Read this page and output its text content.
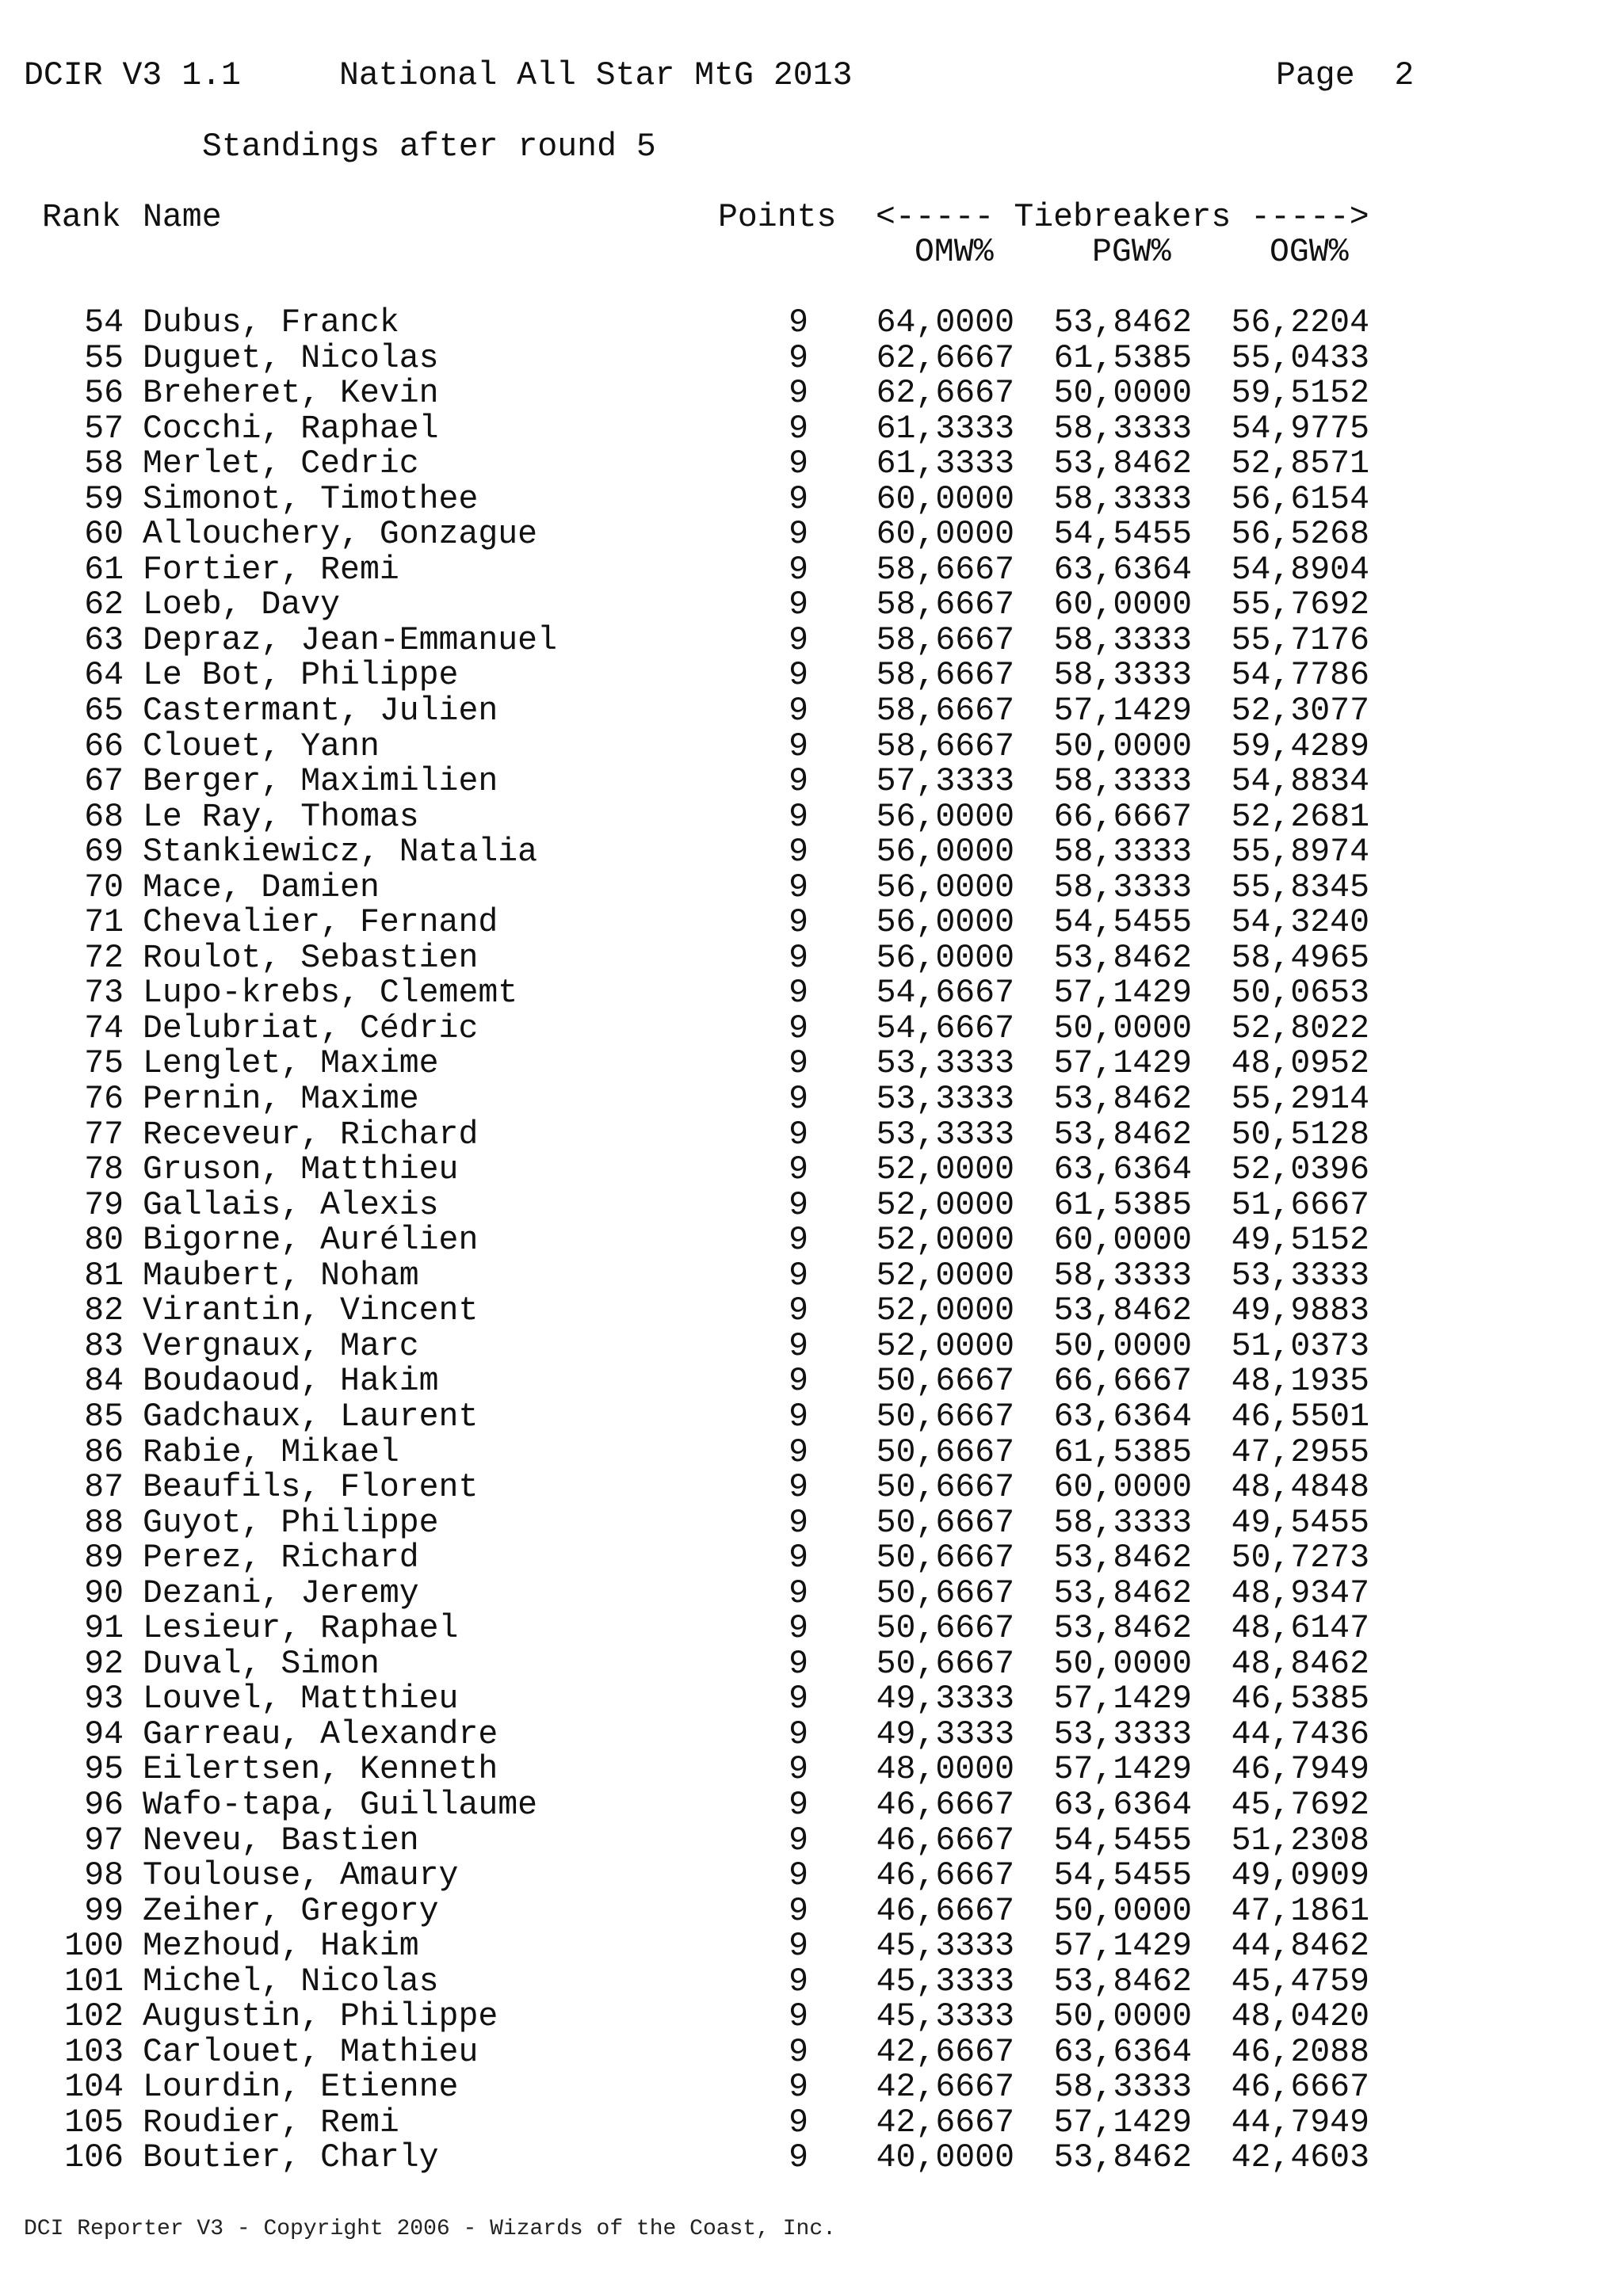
DCIR V3 1.1	National All Star MtG 2013	Page  2
Standings after round 5
Rank Name	Points <----- Tiebreakers ----->
OMW%	PGW%	OGW%
54 Dubus, Franck	9	64,0000	53,8462	56,2204
55 Duguet, Nicolas	9	62,6667	61,5385	55,0433
56 Breheret, Kevin	9	62,6667	50,0000	59,5152
57 Cocchi, Raphael	9	61,3333	58,3333	54,9775
58 Merlet, Cedric	9	61,3333	53,8462	52,8571
59 Simonot, Timothee	9	60,0000	58,3333	56,6154
60 Allouchery, Gonzague	9	60,0000	54,5455	56,5268
61 Fortier, Remi	9	58,6667	63,6364	54,8904
62 Loeb, Davy	9	58,6667	60,0000	55,7692
63 Depraz, Jean-Emmanuel	9	58,6667	58,3333	55,7176
64 Le Bot, Philippe	9	58,6667	58,3333	54,7786
65 Castermant, Julien	9	58,6667	57,1429	52,3077
66 Clouet, Yann	9	58,6667	50,0000	59,4289
67 Berger, Maximilien	9	57,3333	58,3333	54,8834
68 Le Ray, Thomas	9	56,0000	66,6667	52,2681
69 Stankiewicz, Natalia	9	56,0000	58,3333	55,8974
70 Mace, Damien	9	56,0000	58,3333	55,8345
71 Chevalier, Fernand	9	56,0000	54,5455	54,3240
72 Roulot, Sebastien	9	56,0000	53,8462	58,4965
73 Lupo-krebs, Clememt	9	54,6667	57,1429	50,0653
74 Delubriat, Cédric	9	54,6667	50,0000	52,8022
75 Lenglet, Maxime	9	53,3333	57,1429	48,0952
76 Pernin, Maxime	9	53,3333	53,8462	55,2914
77 Receveur, Richard	9	53,3333	53,8462	50,5128
78 Gruson, Matthieu	9	52,0000	63,6364	52,0396
79 Gallais, Alexis	9	52,0000	61,5385	51,6667
80 Bigorne, Aurélien	9	52,0000	60,0000	49,5152
81 Maubert, Noham	9	52,0000	58,3333	53,3333
82 Virantin, Vincent	9	52,0000	53,8462	49,9883
83 Vergnaux, Marc	9	52,0000	50,0000	51,0373
84 Boudaoud, Hakim	9	50,6667	66,6667	48,1935
85 Gadchaux, Laurent	9	50,6667	63,6364	46,5501
86 Rabie, Mikael	9	50,6667	61,5385	47,2955
87 Beaufils, Florent	9	50,6667	60,0000	48,4848
88 Guyot, Philippe	9	50,6667	58,3333	49,5455
89 Perez, Richard	9	50,6667	53,8462	50,7273
90 Dezani, Jeremy	9	50,6667	53,8462	48,9347
91 Lesieur, Raphael	9	50,6667	53,8462	48,6147
92 Duval, Simon	9	50,6667	50,0000	48,8462
93 Louvel, Matthieu	9	49,3333	57,1429	46,5385
94 Garreau, Alexandre	9	49,3333	53,3333	44,7436
95 Eilertsen, Kenneth	9	48,0000	57,1429	46,7949
96 Wafo-tapa, Guillaume	9	46,6667	63,6364	45,7692
97 Neveu, Bastien	9	46,6667	54,5455	51,2308
98 Toulouse, Amaury	9	46,6667	54,5455	49,0909
99 Zeiher, Gregory	9	46,6667	50,0000	47,1861
100 Mezhoud, Hakim	9	45,3333	57,1429	44,8462
101 Michel, Nicolas	9	45,3333	53,8462	45,4759
102 Augustin, Philippe	9	45,3333	50,0000	48,0420
103 Carlouet, Mathieu	9	42,6667	63,6364	46,2088
104 Lourdin, Etienne	9	42,6667	58,3333	46,6667
105 Roudier, Remi	9	42,6667	57,1429	44,7949
106 Boutier, Charly	9	40,0000	53,8462	42,4603
DCI Reporter V3 - Copyright 2006 - Wizards of the Coast, Inc.
